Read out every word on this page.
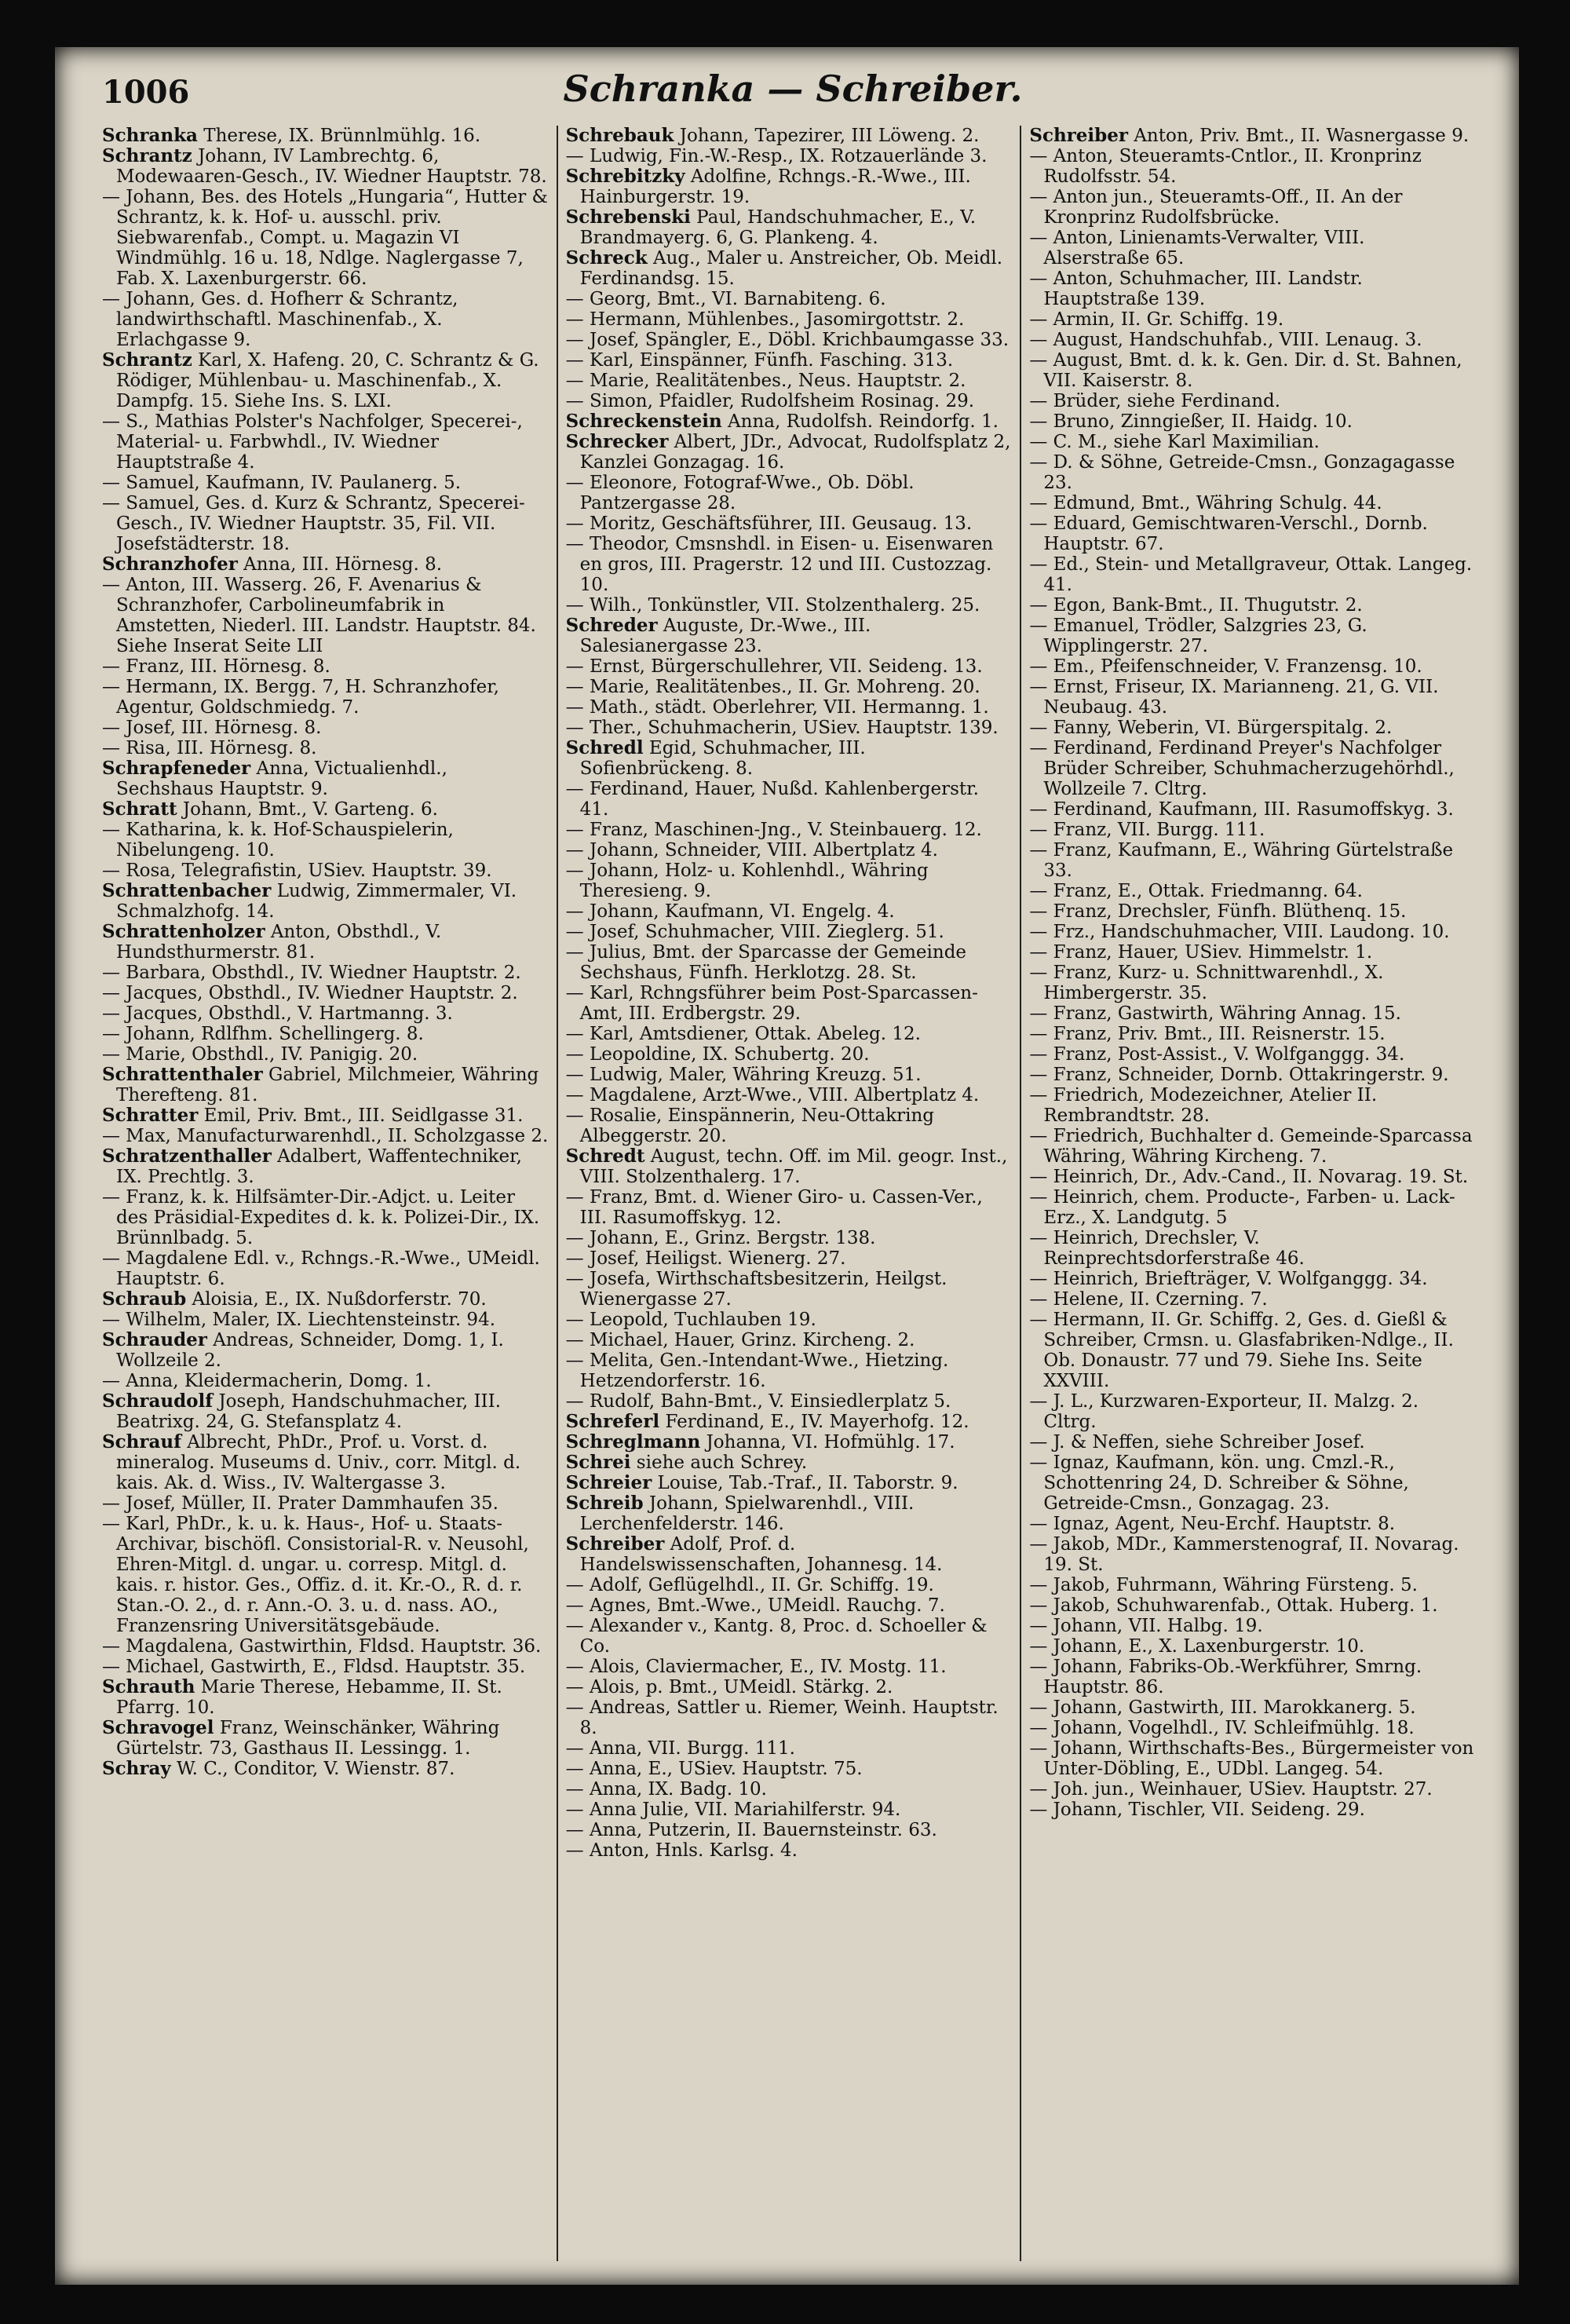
1006	Schranka — Schreiber.
Schranka Therese, IX. Brünnlmühlg. 16.
Schrantz Johann, IV Lambrechtg. 6, Modewaaren-Gesch., IV. Wiedner Hauptstr. 78.
— Johann, Bes. des Hotels „Hungaria“, Hutter & Schrantz, k. k. Hof- u. ausschl. priv. Siebwarenfab., Compt. u. Magazin VI Windmühlg. 16 u. 18, Ndlge. Naglergasse 7, Fab. X. Laxenburgerstr. 66.
— Johann, Ges. d. Hofherr & Schrantz, landwirthschaftl. Maschinenfab., X. Erlachgasse 9.
Schrantz Karl, X. Hafeng. 20, C. Schrantz & G. Rödiger, Mühlenbau- u. Maschinenfab., X. Dampfg. 15. Siehe Ins. S. LXI.
— S., Mathias Polster's Nachfolger, Specerei-, Material- u. Farbwhdl., IV. Wiedner Hauptstraße 4.
— Samuel, Kaufmann, IV. Paulanerg. 5.
— Samuel, Ges. d. Kurz & Schrantz, Specerei-Gesch., IV. Wiedner Hauptstr. 35, Fil. VII. Josefstädterstr. 18.
Schranzhofer Anna, III. Hörnesg. 8.
— Anton, III. Wasserg. 26, F. Avenarius & Schranzhofer, Carbolineumfabrik in Amstetten, Niederl. III. Landstr. Hauptstr. 84. Siehe Inserat Seite LII
— Franz, III. Hörnesg. 8.
— Hermann, IX. Bergg. 7, H. Schranzhofer, Agentur, Goldschmiedg. 7.
— Josef, III. Hörnesg. 8.
— Risa, III. Hörnesg. 8.
Schrapfeneder Anna, Victualienhdl., Sechshaus Hauptstr. 9.
Schratt Johann, Bmt., V. Garteng. 6.
— Katharina, k. k. Hof-Schauspielerin, Nibelungeng. 10.
— Rosa, Telegrafistin, USiev. Hauptstr. 39.
Schrattenbacher Ludwig, Zimmermaler, VI. Schmalzhofg. 14.
Schrattenholzer Anton, Obsthdl., V. Hundsthurmerstr. 81.
— Barbara, Obsthdl., IV. Wiedner Hauptstr. 2.
— Jacques, Obsthdl., IV. Wiedner Hauptstr. 2.
— Jacques, Obsthdl., V. Hartmanng. 3.
— Johann, Rdlfhm. Schellingerg. 8.
— Marie, Obsthdl., IV. Panigig. 20.
Schrattenthaler Gabriel, Milchmeier, Währing Therefteng. 81.
Schratter Emil, Priv. Bmt., III. Seidlgasse 31.
— Max, Manufacturwarenhdl., II. Scholzgasse 2.
Schratzenthaller Adalbert, Waffentechniker, IX. Prechtlg. 3.
— Franz, k. k. Hilfsämter-Dir.-Adjct. u. Leiter des Präsidial-Expedites d. k. k. Polizei-Dir., IX. Brünnlbadg. 5.
— Magdalene Edl. v., Rchngs.-R.-Wwe., UMeidl. Hauptstr. 6.
Schraub Aloisia, E., IX. Nußdorferstr. 70.
— Wilhelm, Maler, IX. Liechtensteinstr. 94.
Schrauder Andreas, Schneider, Domg. 1, I. Wollzeile 2.
— Anna, Kleidermacherin, Domg. 1.
Schraudolf Joseph, Handschuhmacher, III. Beatrixg. 24, G. Stefansplatz 4.
Schrauf Albrecht, PhDr., Prof. u. Vorst. d. mineralog. Museums d. Univ., corr. Mitgl. d. kais. Ak. d. Wiss., IV. Waltergasse 3.
— Josef, Müller, II. Prater Dammhaufen 35.
— Karl, PhDr., k. u. k. Haus-, Hof- u. Staats-Archivar, bischöfl. Consistorial-R. v. Neusohl, Ehren-Mitgl. d. ungar. u. corresp. Mitgl. d. kais. r. histor. Ges., Offiz. d. it. Kr.-O., R. d. r. Stan.-O. 2., d. r. Ann.-O. 3. u. d. nass. AO., Franzensring Universitätsgebäude.
— Magdalena, Gastwirthin, Fldsd. Hauptstr. 36.
— Michael, Gastwirth, E., Fldsd. Hauptstr. 35.
Schrauth Marie Therese, Hebamme, II. St. Pfarrg. 10.
Schravogel Franz, Weinschänker, Währing Gürtelstr. 73, Gasthaus II. Lessingg. 1.
Schray W. C., Conditor, V. Wienstr. 87.
Schrebauk Johann, Tapezirer, III Löweng. 2.
— Ludwig, Fin.-W.-Resp., IX. Rotzauerlände 3.
Schrebitzky Adolfine, Rchngs.-R.-Wwe., III. Hainburgerstr. 19.
Schrebenski Paul, Handschuhmacher, E., V. Brandmayerg. 6, G. Plankeng. 4.
Schreck Aug., Maler u. Anstreicher, Ob. Meidl. Ferdinandsg. 15.
— Georg, Bmt., VI. Barnabiteng. 6.
— Hermann, Mühlenbes., Jasomirgottstr. 2.
— Josef, Spängler, E., Döbl. Krichbaumgasse 33.
— Karl, Einspänner, Fünfh. Fasching. 313.
— Marie, Realitätenbes., Neus. Hauptstr. 2.
— Simon, Pfaidler, Rudolfsheim Rosinag. 29.
Schreckenstein Anna, Rudolfsh. Reindorfg. 1.
Schrecker Albert, JDr., Advocat, Rudolfsplatz 2, Kanzlei Gonzagag. 16.
— Eleonore, Fotograf-Wwe., Ob. Döbl. Pantzergasse 28.
— Moritz, Geschäftsführer, III. Geusaug. 13.
— Theodor, Cmsnshdl. in Eisen- u. Eisenwaren en gros, III. Pragerstr. 12 und III. Custozzag. 10.
— Wilh., Tonkünstler, VII. Stolzenthalerg. 25.
Schreder Auguste, Dr.-Wwe., III. Salesianergasse 23.
— Ernst, Bürgerschullehrer, VII. Seideng. 13.
— Marie, Realitätenbes., II. Gr. Mohreng. 20.
— Math., städt. Oberlehrer, VII. Hermanng. 1.
— Ther., Schuhmacherin, USiev. Hauptstr. 139.
Schredl Egid, Schuhmacher, III. Sofienbrückeng. 8.
— Ferdinand, Hauer, Nußd. Kahlenbergerstr. 41.
— Franz, Maschinen-Jng., V. Steinbauerg. 12.
— Johann, Schneider, VIII. Albertplatz 4.
— Johann, Holz- u. Kohlenhdl., Währing Theresieng. 9.
— Johann, Kaufmann, VI. Engelg. 4.
— Josef, Schuhmacher, VIII. Zieglerg. 51.
— Julius, Bmt. der Sparcasse der Gemeinde Sechshaus, Fünfh. Herklotzg. 28. St.
— Karl, Rchngsführer beim Post-Sparcassen-Amt, III. Erdbergstr. 29.
— Karl, Amtsdiener, Ottak. Abeleg. 12.
— Leopoldine, IX. Schubertg. 20.
— Ludwig, Maler, Währing Kreuzg. 51.
— Magdalene, Arzt-Wwe., VIII. Albertplatz 4.
— Rosalie, Einspännerin, Neu-Ottakring Albeggerstr. 20.
Schredt August, techn. Off. im Mil. geogr. Inst., VIII. Stolzenthalerg. 17.
— Franz, Bmt. d. Wiener Giro- u. Cassen-Ver., III. Rasumoffskyg. 12.
— Johann, E., Grinz. Bergstr. 138.
— Josef, Heiligst. Wienerg. 27.
— Josefa, Wirthschaftsbesitzerin, Heilgst. Wienergasse 27.
— Leopold, Tuchlauben 19.
— Michael, Hauer, Grinz. Kircheng. 2.
— Melita, Gen.-Intendant-Wwe., Hietzing. Hetzendorferstr. 16.
— Rudolf, Bahn-Bmt., V. Einsiedlerplatz 5.
Schreferl Ferdinand, E., IV. Mayerhofg. 12.
Schreglmann Johanna, VI. Hofmühlg. 17.
Schrei siehe auch Schrey.
Schreier Louise, Tab.-Traf., II. Taborstr. 9.
Schreib Johann, Spielwarenhdl., VIII. Lerchenfelderstr. 146.
Schreiber Adolf, Prof. d. Handelswissenschaften, Johannesg. 14.
— Adolf, Geflügelhdl., II. Gr. Schiffg. 19.
— Agnes, Bmt.-Wwe., UMeidl. Rauchg. 7.
— Alexander v., Kantg. 8, Proc. d. Schoeller & Co.
— Alois, Claviermacher, E., IV. Mostg. 11.
— Alois, p. Bmt., UMeidl. Stärkg. 2.
— Andreas, Sattler u. Riemer, Weinh. Hauptstr. 8.
— Anna, VII. Burgg. 111.
— Anna, E., USiev. Hauptstr. 75.
— Anna, IX. Badg. 10.
— Anna Julie, VII. Mariahilferstr. 94.
— Anna, Putzerin, II. Bauernsteinstr. 63.
— Anton, Hnls. Karlsg. 4.
Schreiber Anton, Priv. Bmt., II. Wasnergasse 9.
— Anton, Steueramts-Cntlor., II. Kronprinz Rudolfsstr. 54.
— Anton jun., Steueramts-Off., II. An der Kronprinz Rudolfsbrücke.
— Anton, Linienamts-Verwalter, VIII. Alserstraße 65.
— Anton, Schuhmacher, III. Landstr. Hauptstraße 139.
— Armin, II. Gr. Schiffg. 19.
— August, Handschuhfab., VIII. Lenaug. 3.
— August, Bmt. d. k. k. Gen. Dir. d. St. Bahnen, VII. Kaiserstr. 8.
— Brüder, siehe Ferdinand.
— Bruno, Zinngießer, II. Haidg. 10.
— C. M., siehe Karl Maximilian.
— D. & Söhne, Getreide-Cmsn., Gonzagagasse 23.
— Edmund, Bmt., Währing Schulg. 44.
— Eduard, Gemischtwaren-Verschl., Dornb. Hauptstr. 67.
— Ed., Stein- und Metallgraveur, Ottak. Langeg. 41.
— Egon, Bank-Bmt., II. Thugutstr. 2.
— Emanuel, Trödler, Salzgries 23, G. Wipplingerstr. 27.
— Em., Pfeifenschneider, V. Franzensg. 10.
— Ernst, Friseur, IX. Marianneng. 21, G. VII. Neubaug. 43.
— Fanny, Weberin, VI. Bürgerspitalg. 2.
— Ferdinand, Ferdinand Preyer's Nachfolger Brüder Schreiber, Schuhmacherzugehörhdl., Wollzeile 7. Cltrg.
— Ferdinand, Kaufmann, III. Rasumoffskyg. 3.
— Franz, VII. Burgg. 111.
— Franz, Kaufmann, E., Währing Gürtelstraße 33.
— Franz, E., Ottak. Friedmanng. 64.
— Franz, Drechsler, Fünfh. Blüthenq. 15.
— Frz., Handschuhmacher, VIII. Laudong. 10.
— Franz, Hauer, USiev. Himmelstr. 1.
— Franz, Kurz- u. Schnittwarenhdl., X. Himbergerstr. 35.
— Franz, Gastwirth, Währing Annag. 15.
— Franz, Priv. Bmt., III. Reisnerstr. 15.
— Franz, Post-Assist., V. Wolfganggg. 34.
— Franz, Schneider, Dornb. Ottakringerstr. 9.
— Friedrich, Modezeichner, Atelier II. Rembrandtstr. 28.
— Friedrich, Buchhalter d. Gemeinde-Sparcassa Währing, Währing Kircheng. 7.
— Heinrich, Dr., Adv.-Cand., II. Novarag. 19. St.
— Heinrich, chem. Producte-, Farben- u. Lack-Erz., X. Landgutg. 5
— Heinrich, Drechsler, V. Reinprechtsdorferstraße 46.
— Heinrich, Briefträger, V. Wolfganggg. 34.
— Helene, II. Czerning. 7.
— Hermann, II. Gr. Schiffg. 2, Ges. d. Gießl & Schreiber, Crmsn. u. Glasfabriken-Ndlge., II. Ob. Donaustr. 77 und 79. Siehe Ins. Seite XXVIII.
— J. L., Kurzwaren-Exporteur, II. Malzg. 2. Cltrg.
— J. & Neffen, siehe Schreiber Josef.
— Ignaz, Kaufmann, kön. ung. Cmzl.-R., Schottenring 24, D. Schreiber & Söhne, Getreide-Cmsn., Gonzagag. 23.
— Ignaz, Agent, Neu-Erchf. Hauptstr. 8.
— Jakob, MDr., Kammerstenograf, II. Novarag. 19. St.
— Jakob, Fuhrmann, Währing Fürsteng. 5.
— Jakob, Schuhwarenfab., Ottak. Huberg. 1.
— Johann, VII. Halbg. 19.
— Johann, E., X. Laxenburgerstr. 10.
— Johann, Fabriks-Ob.-Werkführer, Smrng. Hauptstr. 86.
— Johann, Gastwirth, III. Marokkanerg. 5.
— Johann, Vogelhdl., IV. Schleifmühlg. 18.
— Johann, Wirthschafts-Bes., Bürgermeister von Unter-Döbling, E., UDbl. Langeg. 54.
— Joh. jun., Weinhauer, USiev. Hauptstr. 27.
— Johann, Tischler, VII. Seideng. 29.
